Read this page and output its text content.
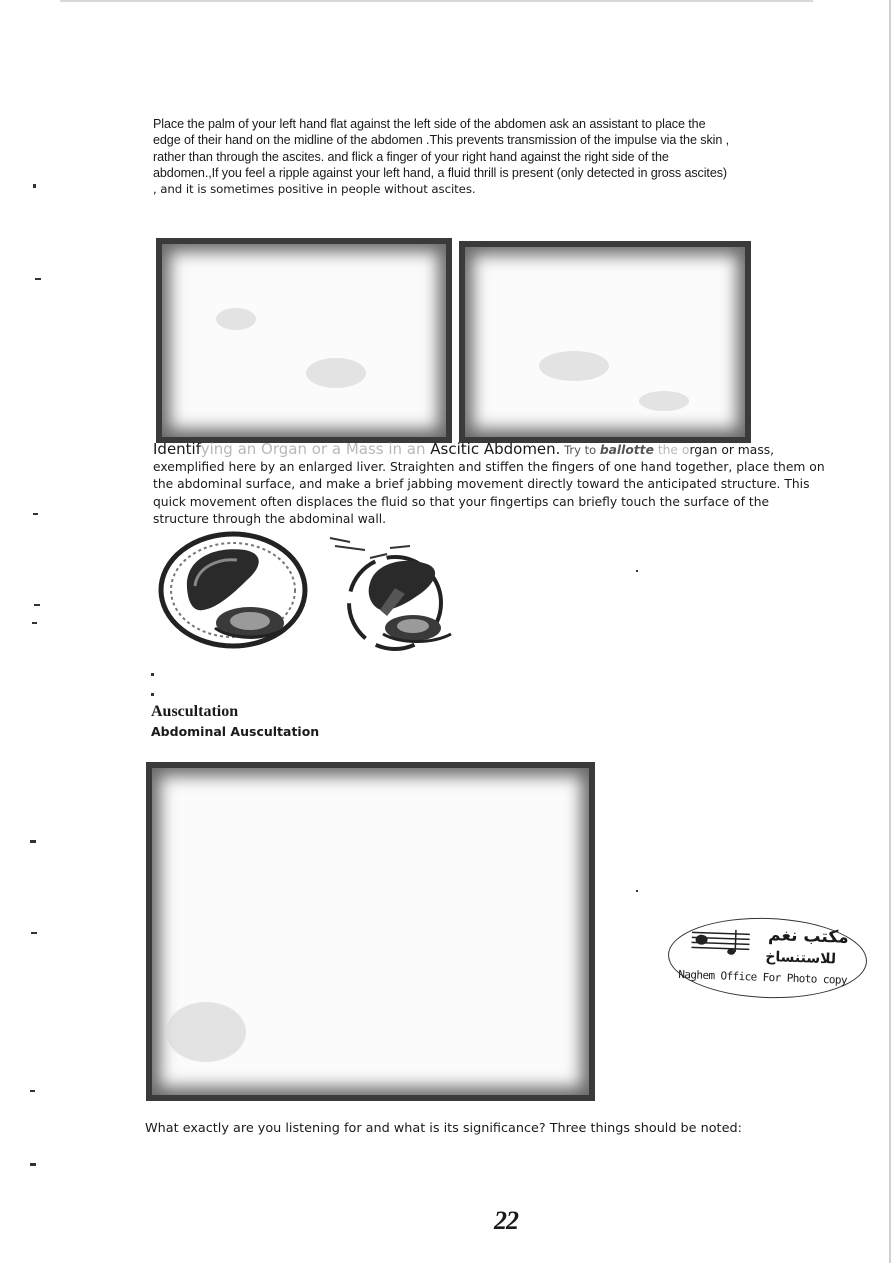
Place the palm of your left hand flat against the left side of the abdomen ask an assistant to place the
edge of their hand on the midline of the abdomen .This prevents transmission of the impulse via the skin ,
rather than through the ascites. and flick a finger of your right hand against the right side of the
abdomen.,If you feel a ripple against your left hand, a fluid thrill is present (only detected in gross ascites)
, and it is sometimes positive in people without ascites.

Identifying an Organ or a Mass in an Ascitic Abdomen. Try to ballotte the organ or mass, exemplified here by an enlarged liver. Straighten and stiffen the fingers of one hand together, place them on the abdominal surface, and make a brief jabbing movement directly toward the anticipated structure. This quick movement often displaces the fluid so that your fingertips can briefly touch the surface of the structure through the abdominal wall.

Auscultation
Abdominal Auscultation
مكتب نغم
للاستنساخ
Naghem Office For Photo copy

What exactly are you listening for and what is its significance? Three things should be noted:

22
